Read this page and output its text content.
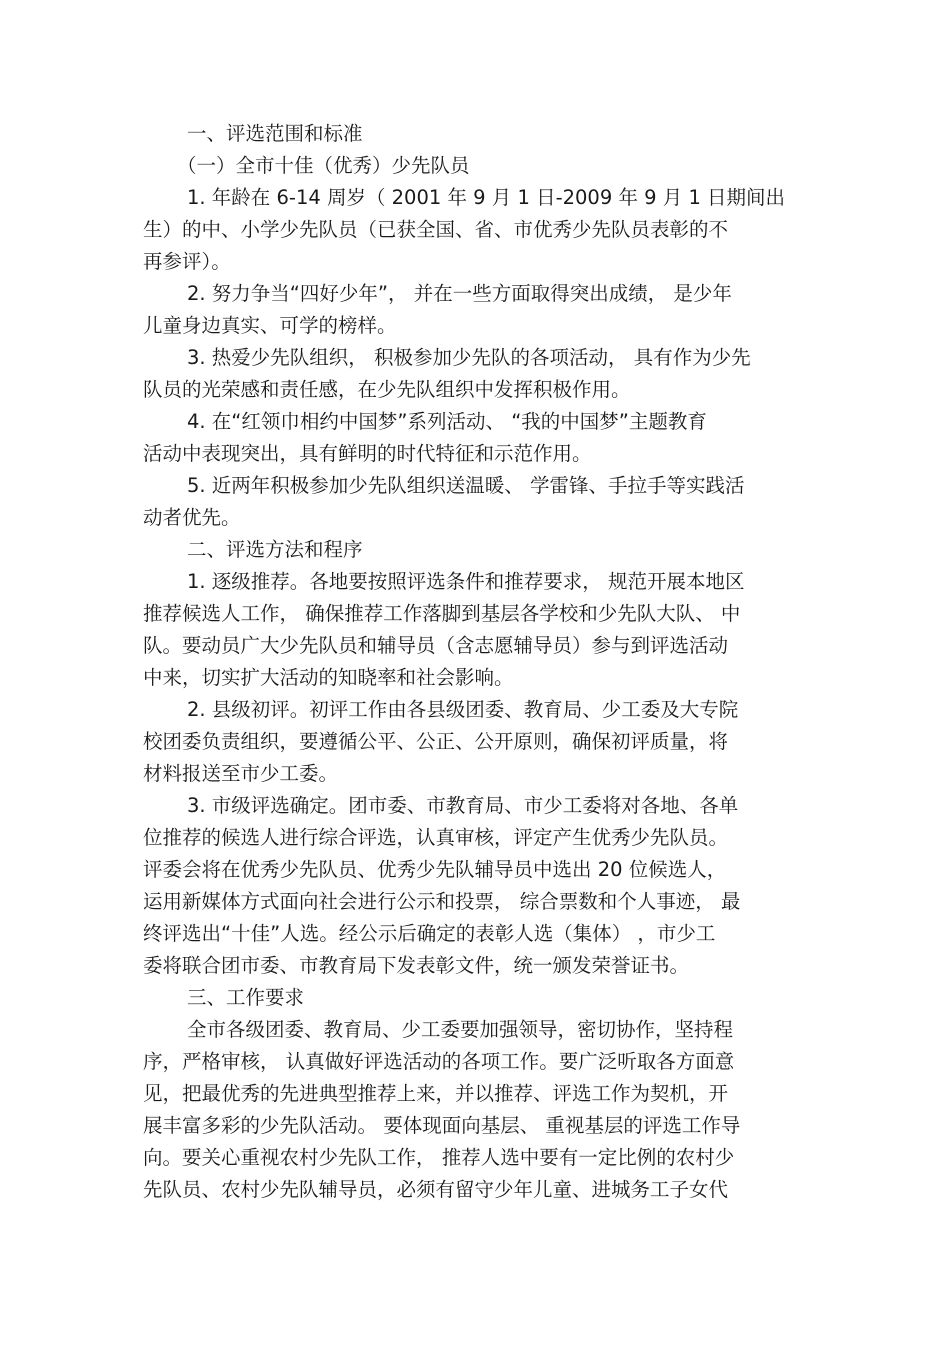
一、评选范围和标准
（一）全市十佳（优秀）少先队员
1. 年龄在 6-14 周岁（ 2001 年 9 月 1 日-2009 年 9 月 1 日期间出
生）的中、小学少先队员（已获全国、省、市优秀少先队员表彰的不
再参评）。
2. 努力争当“四好少年”， 并在一些方面取得突出成绩， 是少年
儿童身边真实、可学的榜样。
3. 热爱少先队组织， 积极参加少先队的各项活动， 具有作为少先
队员的光荣感和责任感，在少先队组织中发挥积极作用。
4. 在“红领巾相约中国梦”系列活动、 “我的中国梦”主题教育
活动中表现突出，具有鲜明的时代特征和示范作用。
5. 近两年积极参加少先队组织送温暖、 学雷锋、手拉手等实践活
动者优先。
二、评选方法和程序
1. 逐级推荐。各地要按照评选条件和推荐要求， 规范开展本地区
推荐候选人工作， 确保推荐工作落脚到基层各学校和少先队大队、 中
队。要动员广大少先队员和辅导员（含志愿辅导员）参与到评选活动
中来，切实扩大活动的知晓率和社会影响。
2. 县级初评。初评工作由各县级团委、教育局、少工委及大专院
校团委负责组织，要遵循公平、公正、公开原则，确保初评质量，将
材料报送至市少工委。
3. 市级评选确定。团市委、市教育局、市少工委将对各地、各单
位推荐的候选人进行综合评选，认真审核，评定产生优秀少先队员。
评委会将在优秀少先队员、优秀少先队辅导员中选出 20 位候选人，
运用新媒体方式面向社会进行公示和投票， 综合票数和个人事迹， 最
终评选出“十佳”人选。经公示后确定的表彰人选（集体） ，市少工
委将联合团市委、市教育局下发表彰文件，统一颁发荣誉证书。
三、工作要求
全市各级团委、教育局、少工委要加强领导，密切协作，坚持程
序，严格审核， 认真做好评选活动的各项工作。要广泛听取各方面意
见，把最优秀的先进典型推荐上来，并以推荐、评选工作为契机，开
展丰富多彩的少先队活动。 要体现面向基层、 重视基层的评选工作导
向。要关心重视农村少先队工作， 推荐人选中要有一定比例的农村少
先队员、农村少先队辅导员，必须有留守少年儿童、进城务工子女代
